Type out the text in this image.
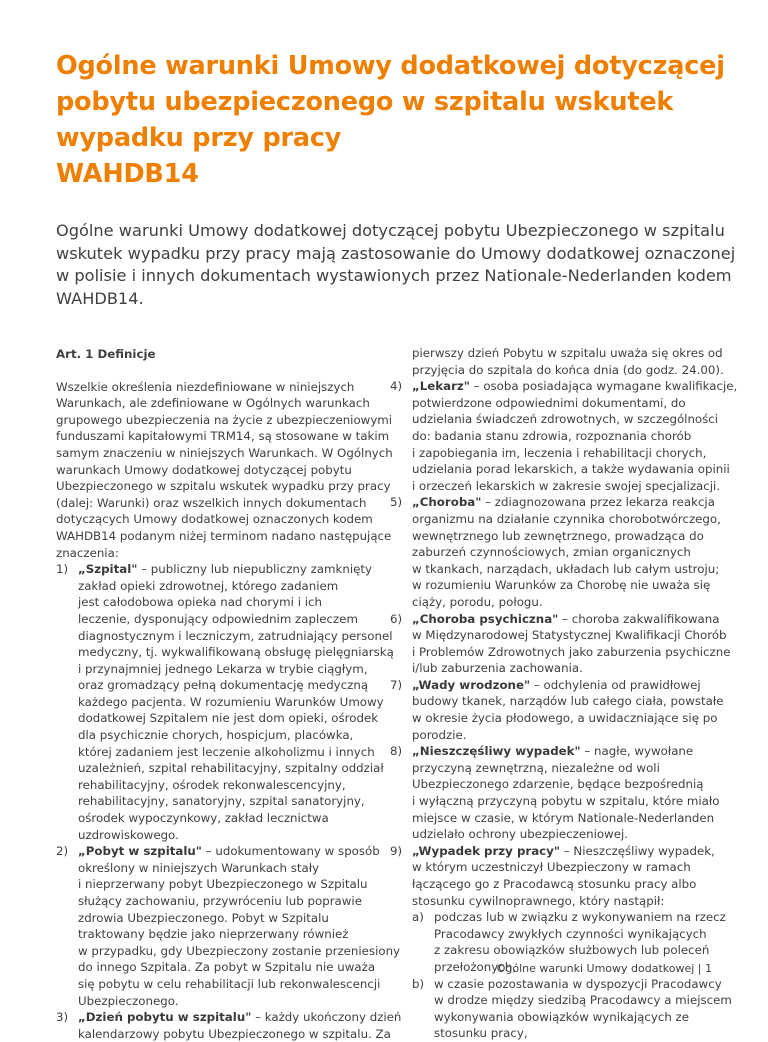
Ogólne warunki Umowy dodatkowej dotyczącej
pobytu ubezpieczonego w szpitalu wskutek
wypadku przy pracy
WAHDB14
Ogólne warunki Umowy dodatkowej dotyczącej pobytu Ubezpieczonego w szpitalu
wskutek wypadku przy pracy mają zastosowanie do Umowy dodatkowej oznaczonej
w polisie i innych dokumentach wystawionych przez Nationale-Nederlanden kodem
WAHDB14.
Art. 1 Definicje
Wszelkie określenia niezdefiniowane w niniejszych
Warunkach, ale zdefiniowane w Ogólnych warunkach
grupowego ubezpieczenia na życie z ubezpieczeniowymi
funduszami kapitałowymi TRM14, są stosowane w takim
samym znaczeniu w niniejszych Warunkach. W Ogólnych
warunkach Umowy dodatkowej dotyczącej pobytu
Ubezpieczonego w szpitalu wskutek wypadku przy pracy
(dalej: Warunki) oraz wszelkich innych dokumentach
dotyczących Umowy dodatkowej oznaczonych kodem
WAHDB14 podanym niżej terminom nadano następujące
znaczenia:
1) „Szpital" – publiczny lub niepubliczny zamknięty
zakład opieki zdrowotnej, którego zadaniem
jest całodobowa opieka nad chorymi i ich
leczenie, dysponujący odpowiednim zapleczem
diagnostycznym i leczniczym, zatrudniający personel
medyczny, tj. wykwalifikowaną obsługę pielęgniarską
i przynajmniej jednego Lekarza w trybie ciągłym,
oraz gromadzący pełną dokumentację medyczną
każdego pacjenta. W rozumieniu Warunków Umowy
dodatkowej Szpitalem nie jest dom opieki, ośrodek
dla psychicznie chorych, hospicjum, placówka,
której zadaniem jest leczenie alkoholizmu i innych
uzależnień, szpital rehabilitacyjny, szpitalny oddział
rehabilitacyjny, ośrodek rekonwalescencyjny,
rehabilitacyjny, sanatoryjny, szpital sanatoryjny,
ośrodek wypoczynkowy, zakład lecznictwa
uzdrowiskowego.
2) „Pobyt w szpitalu" – udokumentowany w sposób
określony w niniejszych Warunkach stały
i nieprzerwany pobyt Ubezpieczonego w Szpitalu
służący zachowaniu, przywróceniu lub poprawie
zdrowia Ubezpieczonego. Pobyt w Szpitalu
traktowany będzie jako nieprzerwany również
w przypadku, gdy Ubezpieczony zostanie przeniesiony
do innego Szpitala. Za pobyt w Szpitalu nie uważa
się pobytu w celu rehabilitacji lub rekonwalescencji
Ubezpieczonego.
3) „Dzień pobytu w szpitalu" – każdy ukończony dzień
kalendarzowy pobytu Ubezpieczonego w szpitalu. Za
pierwszy dzień Pobytu w szpitalu uważa się okres od
przyjęcia do szpitala do końca dnia (do godz. 24.00).
4) „Lekarz" – osoba posiadająca wymagane kwalifikacje,
potwierdzone odpowiednimi dokumentami, do
udzielania świadczeń zdrowotnych, w szczególności
do: badania stanu zdrowia, rozpoznania chorób
i zapobiegania im, leczenia i rehabilitacji chorych,
udzielania porad lekarskich, a także wydawania opinii
i orzeczeń lekarskich w zakresie swojej specjalizacji.
5) „Choroba" – zdiagnozowana przez lekarza reakcja
organizmu na działanie czynnika chorobotwórczego,
wewnętrznego lub zewnętrznego, prowadząca do
zaburzeń czynnościowych, zmian organicznych
w tkankach, narządach, układach lub całym ustroju;
w rozumieniu Warunków za Chorobę nie uważa się
ciąży, porodu, połogu.
6) „Choroba psychiczna" – choroba zakwalifikowana
w Międzynarodowej Statystycznej Kwalifikacji Chorób
i Problemów Zdrowotnych jako zaburzenia psychiczne
i/lub zaburzenia zachowania.
7) „Wady wrodzone" – odchylenia od prawidłowej
budowy tkanek, narządów lub całego ciała, powstałe
w okresie życia płodowego, a uwidaczniające się po
porodzie.
8) „Nieszczęśliwy wypadek" – nagłe, wywołane
przyczyną zewnętrzną, niezależne od woli
Ubezpieczonego zdarzenie, będące bezpośrednią
i wyłączną przyczyną pobytu w szpitalu, które miało
miejsce w czasie, w którym Nationale-Nederlanden
udzielało ochrony ubezpieczeniowej.
9) „Wypadek przy pracy" – Nieszczęśliwy wypadek,
w którym uczestniczył Ubezpieczony w ramach
łączącego go z Pracodawcą stosunku pracy albo
stosunku cywilnoprawnego, który nastąpił:
a) podczas lub w związku z wykonywaniem na rzecz
Pracodawcy zwykłych czynności wynikających
z zakresu obowiązków służbowych lub poleceń
przełożonych,
b) w czasie pozostawania w dyspozycji Pracodawcy
w drodze między siedzibą Pracodawcy a miejscem
wykonywania obowiązków wynikających ze
stosunku pracy,
Ogólne warunki Umowy dodatkowej | 1
